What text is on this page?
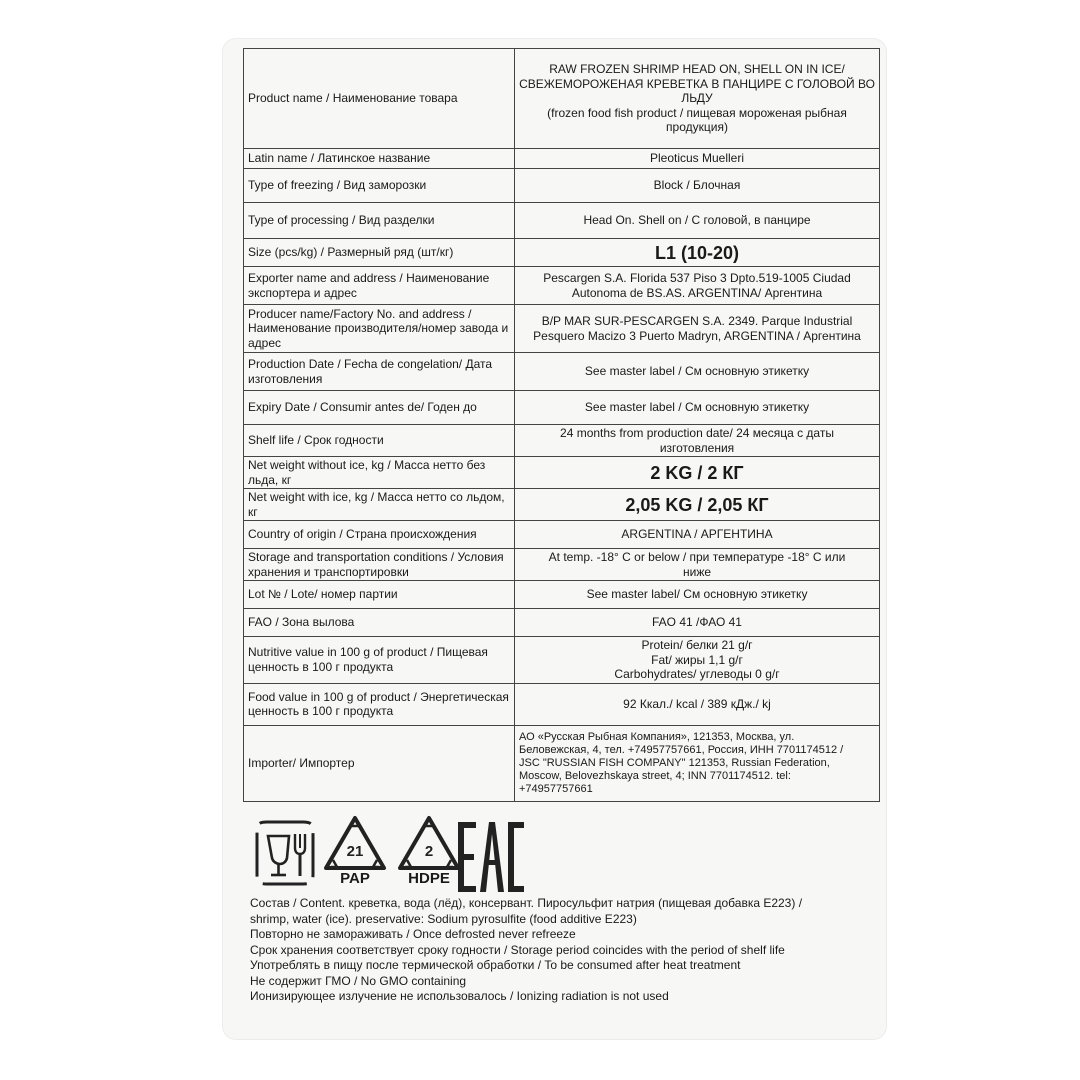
Product name / Наименование товара	RAW FROZEN SHRIMP HEAD ON, SHELL ON IN ICE/
СВЕЖЕМОРОЖЕНАЯ КРЕВЕТКА В ПАНЦИРЕ С ГОЛОВОЙ ВО
ЛЬДУ
(frozen food fish product / пищевая мороженая рыбная
продукция)

Latin name / Латинское название	Pleoticus Muelleri

Type of freezing / Вид заморозки	Block / Блочная

Type of processing / Вид разделки	Head On. Shell on / С головой, в панцире

Size (pcs/kg) / Размерный ряд (шт/кг)	L1 (10-20)

Exporter name and address / Наименование экспортера и адрес	Pescargen S.A. Florida 537 Piso 3 Dpto.519-1005 Ciudad
Autonoma de BS.AS. ARGENTINA/ Аргентина

Producer name/Factory No. and address / Наименование производителя/номер завода и адрес	B/P MAR SUR-PESCARGEN S.A. 2349. Parque Industrial
Pesquero Macizo 3 Puerto Madryn, ARGENTINA / Аргентина

Production Date / Fecha de congelation/ Дата изготовления	See master label / См основную этикетку

Expiry Date / Consumir antes de/ Годен до	See master label / См основную этикетку

Shelf life / Срок годности	24 months from production date/ 24 месяца с даты
изготовления

Net weight without ice, kg / Масса нетто без льда, кг	2 KG / 2 КГ

Net weight with ice, kg / Масса нетто со льдом, кг	2,05 KG / 2,05 КГ

Country of origin / Страна происхождения	ARGENTINA / АРГЕНТИНА

Storage and transportation conditions / Условия хранения и транспортировки	At temp. -18° C or below / при температуре -18° C или
ниже

Lot № / Lote/ номер партии	See master label/ См основную этикетку

FAO / Зона вылова	FAO 41 /ФАО 41

Nutritive value in 100 g of product / Пищевая ценность в 100 г продукта	Protein/ белки 21 g/г
Fat/ жиры 1,1 g/г
Carbohydrates/ углеводы 0 g/г

Food value in 100 g of product / Энергетическая ценность в 100 г продукта	92 Ккал./ kcal / 389 кДж./ kj

Importer/ Импортер	АО «Русская Рыбная Компания», 121353, Москва, ул.
Беловежская, 4, тел. +74957757661, Россия, ИНН 7701174512 /
JSC "RUSSIAN FISH COMPANY" 121353, Russian Federation,
Moscow, Belovezhskaya street, 4; INN 7701174512. tel:
+74957757661
21
PAP
2
HDPE
Состав / Content. креветка, вода (лёд), консервант. Пиросульфит натрия (пищевая добавка E223) /
shrimp, water (ice). preservative: Sodium pyrosulfite (food additive E223)
Повторно не замораживать / Once defrosted never refreeze
Срок хранения соответствует сроку годности / Storage period coincides with the period of shelf life
Употреблять в пищу после термической обработки / To be consumed after heat treatment
Не содержит ГМО / No GMO containing
Ионизирующее излучение не использовалось / Ionizing radiation is not used
